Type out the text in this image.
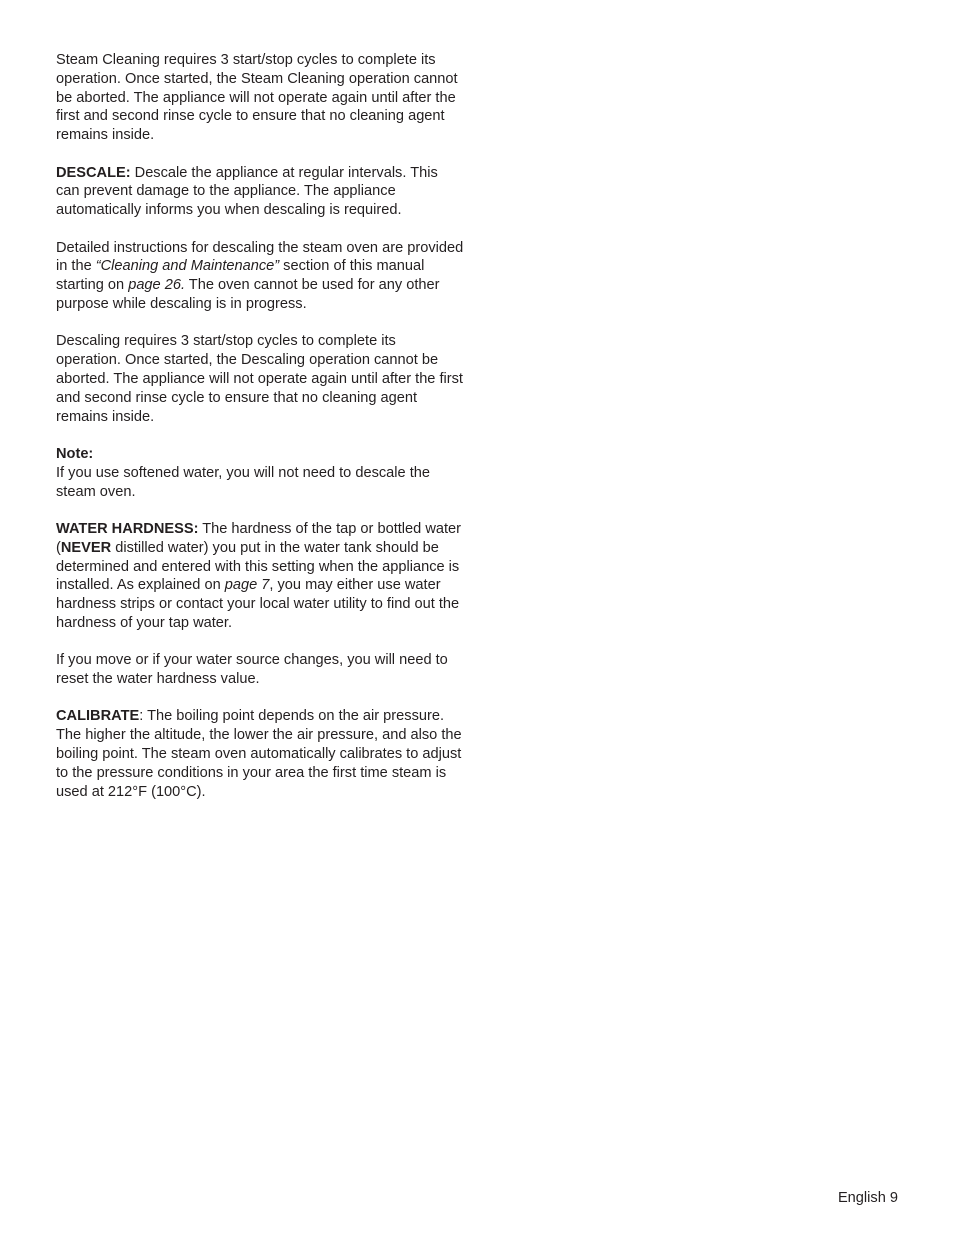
Steam Cleaning requires 3 start/stop cycles to complete its operation. Once started, the Steam Cleaning operation cannot be aborted. The appliance will not operate again until after the first and second rinse cycle to ensure that no cleaning agent remains inside.

DESCALE: Descale the appliance at regular intervals. This can prevent damage to the appliance. The appliance automatically informs you when descaling is required.

Detailed instructions for descaling the steam oven are provided in the “Cleaning and Maintenance” section of this manual starting on page 26. The oven cannot be used for any other purpose while descaling is in progress.

Descaling requires 3 start/stop cycles to complete its operation. Once started, the Descaling operation cannot be aborted. The appliance will not operate again until after the first and second rinse cycle to ensure that no cleaning agent remains inside.

Note:
If you use softened water, you will not need to descale the steam oven.

WATER HARDNESS: The hardness of the tap or bottled water (NEVER distilled water) you put in the water tank should be determined and entered with this setting when the appliance is installed. As explained on page 7, you may either use water hardness strips or contact your local water utility to find out the hardness of your tap water.

If you move or if your water source changes, you will need to reset the water hardness value.

CALIBRATE: The boiling point depends on the air pressure. The higher the altitude, the lower the air pressure, and also the boiling point. The steam oven automatically calibrates to adjust to the pressure conditions in your area the first time steam is used at 212°F (100°C).

English 9
